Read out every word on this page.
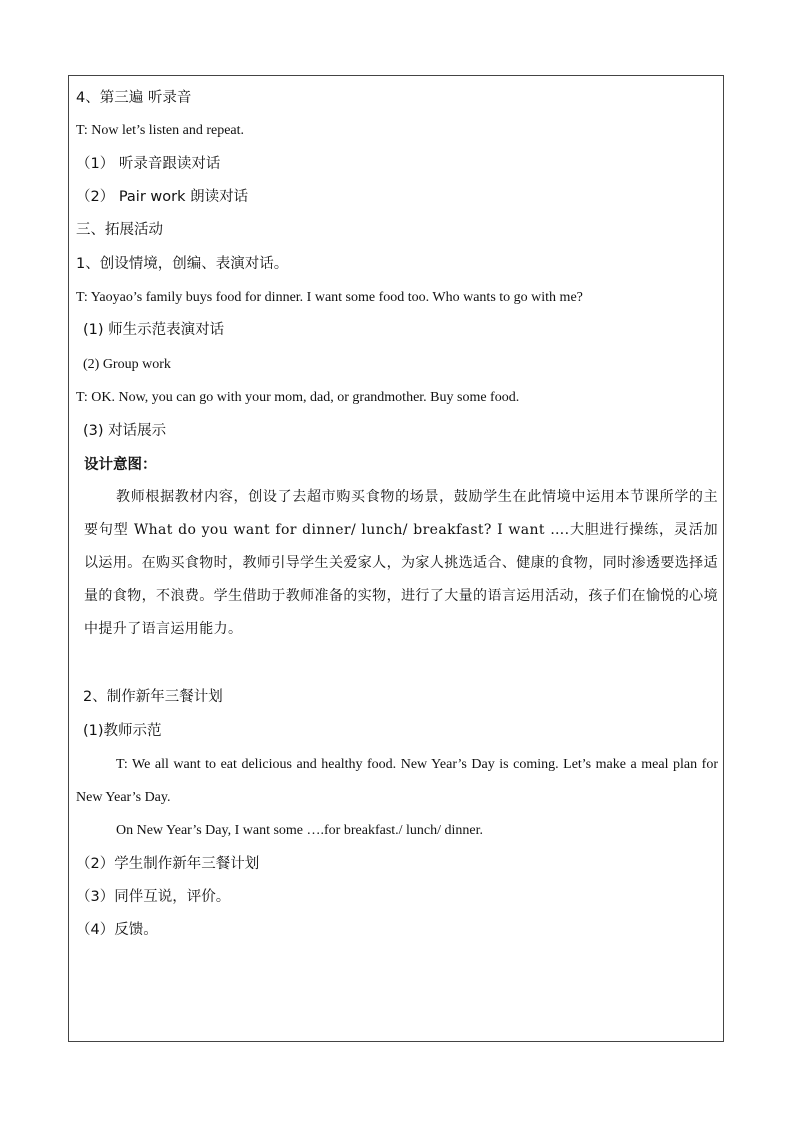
4、第三遍 听录音
T: Now let’s listen and repeat.
（1） 听录音跟读对话
（2） Pair work 朗读对话
三、拓展活动
1、创设情境，创编、表演对话。
T: Yaoyao’s family buys food for dinner. I want some food too. Who wants to go with me?
(1) 师生示范表演对话
(2) Group work
T: OK. Now, you can go with your mom, dad, or grandmother. Buy some food.
(3) 对话展示
设计意图：
教师根据教材内容，创设了去超市购买食物的场景，鼓励学生在此情境中运用本节课所学的主要句型 What do you want for dinner/ lunch/ breakfast? I want ….大胆进行操练，灵活加以运用。在购买食物时，教师引导学生关爱家人，为家人挑选适合、健康的食物，同时渗透要选择适量的食物，不浪费。学生借助于教师准备的实物，进行了大量的语言运用活动，孩子们在愉悦的心境中提升了语言运用能力。
2、制作新年三餐计划
(1)教师示范
T: We all want to eat delicious and healthy food. New Year’s Day is coming. Let’s make a meal plan for New Year’s Day.
On New Year’s Day, I want some ….for breakfast./ lunch/ dinner.
（2）学生制作新年三餐计划
（3）同伴互说，评价。
（4）反馈。
